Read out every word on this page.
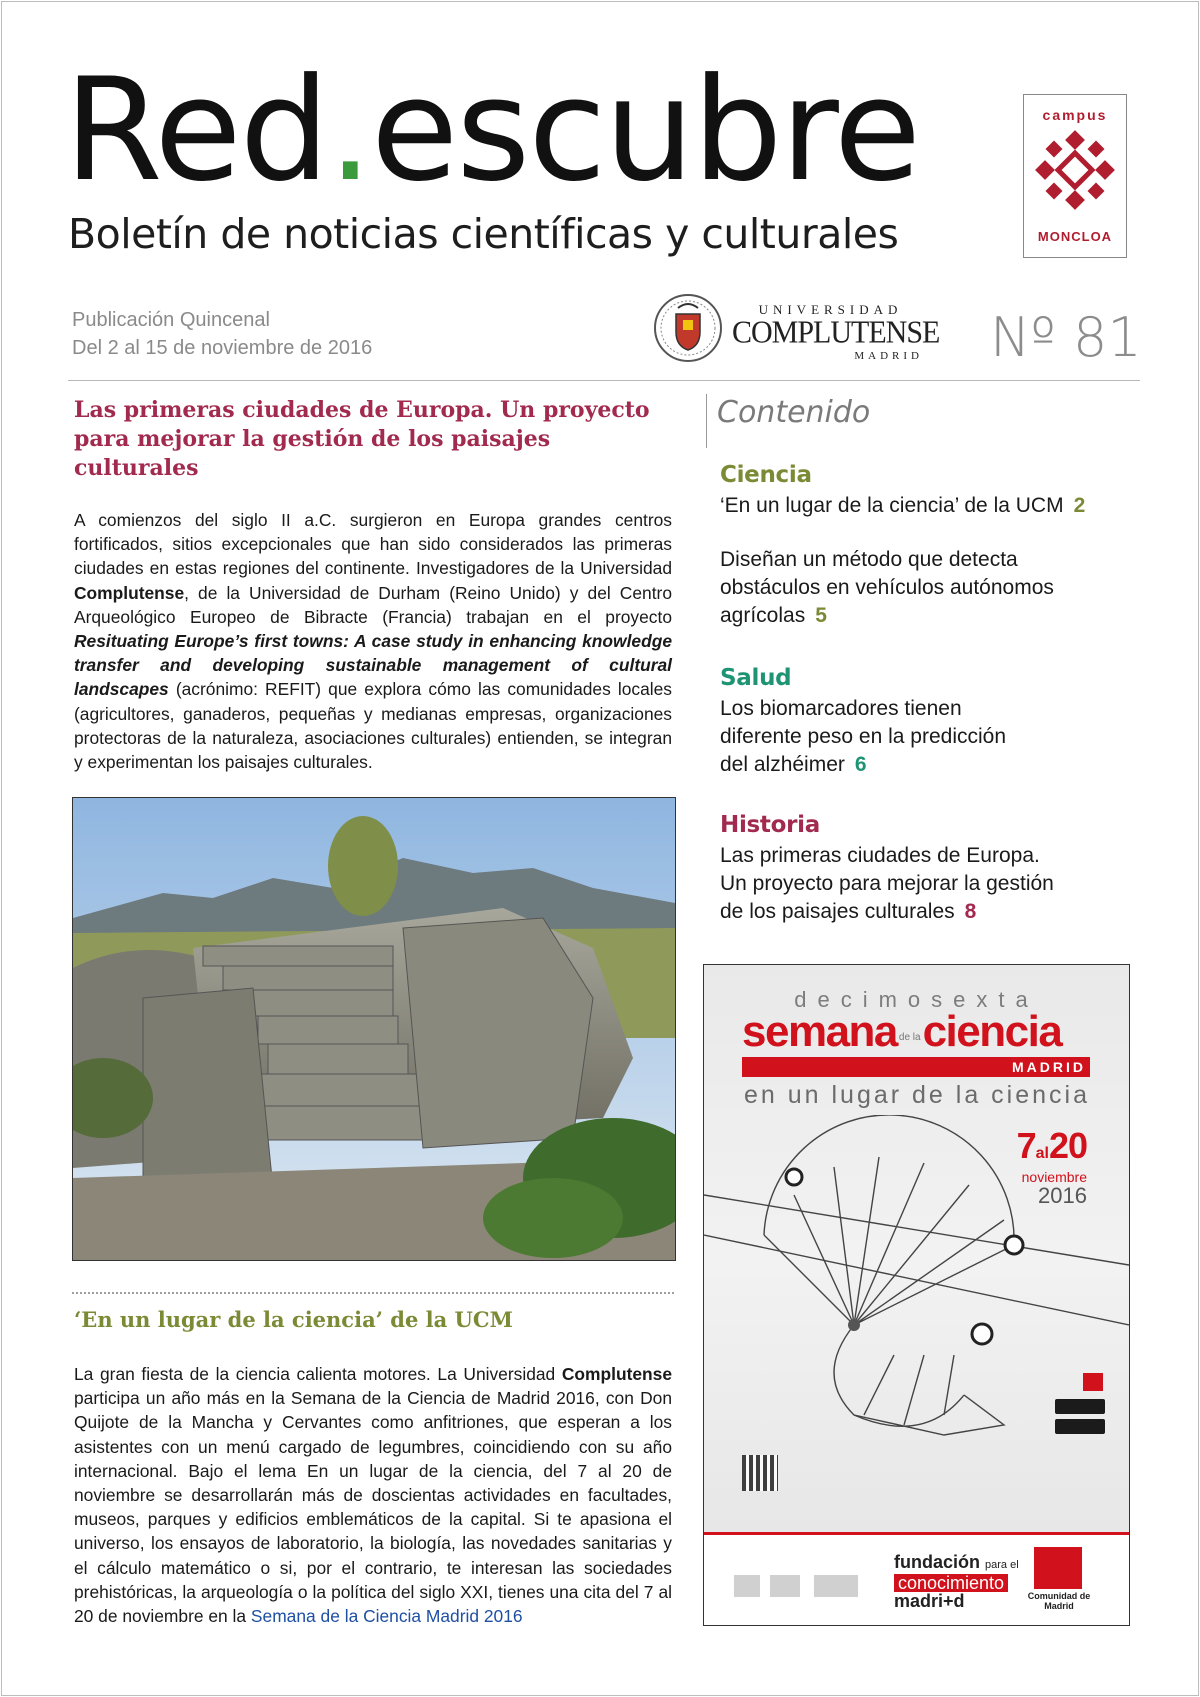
Red.escubre
Boletín de noticias científicas y culturales
campus
MONCLOA
Publicación Quincenal
Del 2 al 15 de noviembre de 2016
UNIVERSIDAD
COMPLUTENSE
MADRID Nº 81
Las primeras ciudades de Europa. Un proyecto para mejorar la gestión de los paisajes culturales
A comienzos del siglo II a.C. surgieron en Europa grandes centros fortificados, sitios excepcionales que han sido considerados las primeras ciudades en estas regiones del continente. Investigadores de la Universidad Complutense, de la Universidad de Durham (Reino Unido) y del Centro Arqueológico Europeo de Bibracte (Francia) trabajan en el proyecto Resituating Europe’s first towns: A case study in enhancing knowledge transfer and developing sustainable management of cultural landscapes (acrónimo: REFIT) que explora cómo las comunidades locales (agricultores, ganaderos, pequeñas y medianas empresas, organizaciones protectoras de la naturaleza, asociaciones culturales) entienden, se integran y experimentan los paisajes culturales.
‘En un lugar de la ciencia’ de la UCM
La gran fiesta de la ciencia calienta motores. La Universidad Complutense participa un año más en la Semana de la Ciencia de Madrid 2016, con Don Quijote de la Mancha y Cervantes como anfitriones, que esperan a los asistentes con un menú cargado de legumbres, coincidiendo con su año internacional. Bajo el lema En un lugar de la ciencia, del 7 al 20 de noviembre se desarrollarán más de doscientas actividades en facultades, museos, parques y edificios emblemáticos de la capital. Si te apasiona el universo, los ensayos de laboratorio, la biología, las novedades sanitarias y el cálculo matemático o si, por el contrario, te interesan las sociedades prehistóricas, la arqueología o la política del siglo XXI, tienes una cita del 7 al 20 de noviembre en la Semana de la Ciencia Madrid 2016
Contenido
Ciencia
‘En un lugar de la ciencia’ de la UCM 2
Diseñan un método que detecta
obstáculos en vehículos autónomos
agrícolas 5
Salud
Los biomarcadores tienen
diferente peso en la predicción
del alzhéimer 6
Historia
Las primeras ciudades de Europa.
Un proyecto para mejorar la gestión
de los paisajes culturales 8
decimosexta
semana de laciencia
MADRID
en un lugar de la ciencia
7al20
noviembre
2016
fundación para el
conocimiento
madri+d	Comunidad de Madrid
